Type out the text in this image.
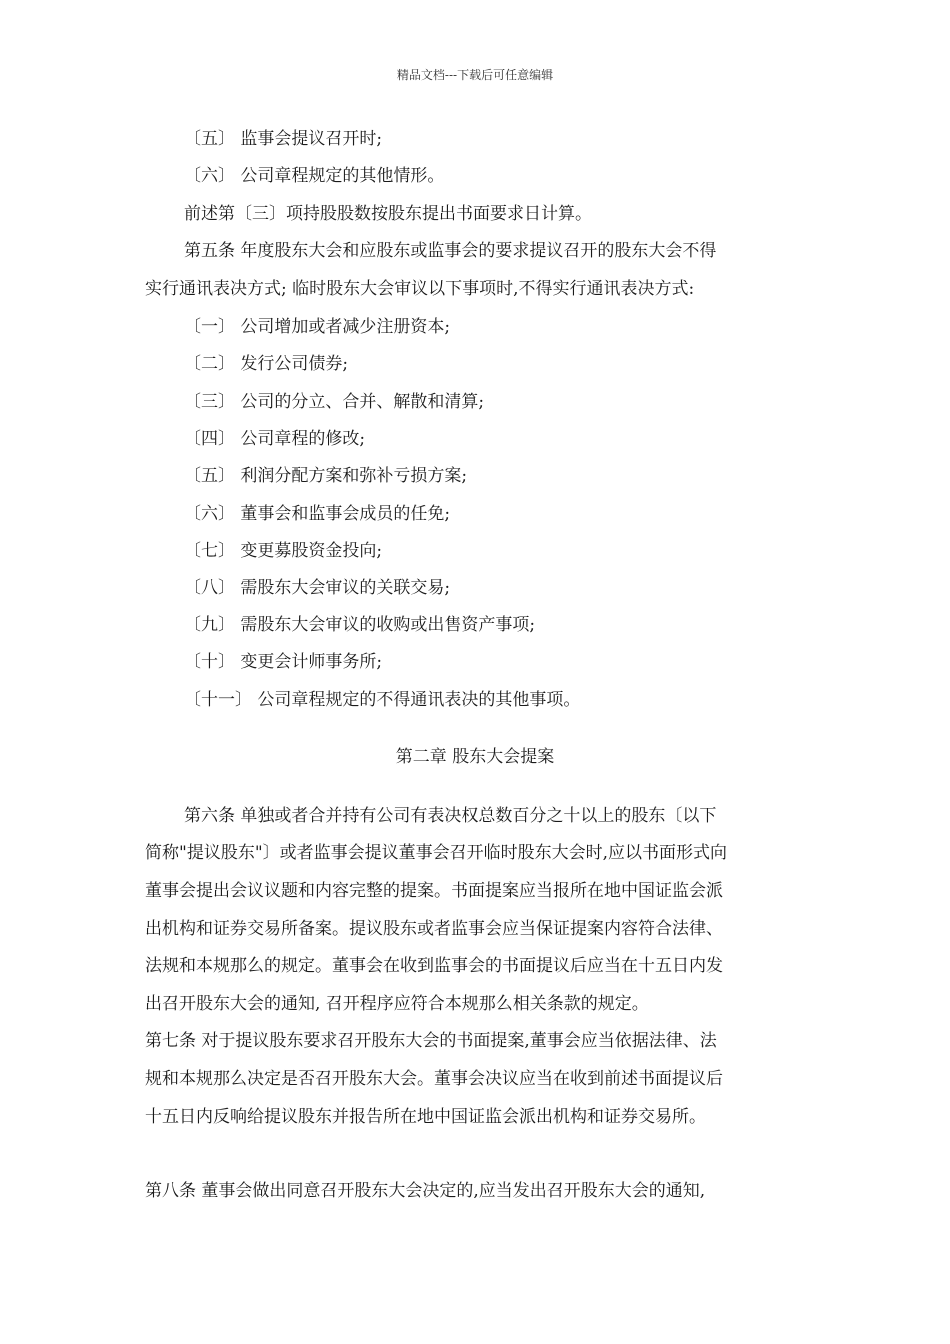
精品文档---下载后可任意编辑
〔五〕 监事会提议召开时;
〔六〕 公司章程规定的其他情形。
前述第〔三〕项持股股数按股东提出书面要求日计算。
第五条 年度股东大会和应股东或监事会的要求提议召开的股东大会不得
实行通讯表决方式; 临时股东大会审议以下事项时,不得实行通讯表决方式:
〔一〕 公司增加或者减少注册资本;
〔二〕 发行公司债券;
〔三〕 公司的分立、合并、解散和清算;
〔四〕 公司章程的修改;
〔五〕 利润分配方案和弥补亏损方案;
〔六〕 董事会和监事会成员的任免;
〔七〕 变更募股资金投向;
〔八〕 需股东大会审议的关联交易;
〔九〕 需股东大会审议的收购或出售资产事项;
〔十〕 变更会计师事务所;
〔十一〕 公司章程规定的不得通讯表决的其他事项。
第二章 股东大会提案
第六条 单独或者合并持有公司有表决权总数百分之十以上的股东〔以下
简称"提议股东"〕或者监事会提议董事会召开临时股东大会时,应以书面形式向
董事会提出会议议题和内容完整的提案。书面提案应当报所在地中国证监会派
出机构和证券交易所备案。提议股东或者监事会应当保证提案内容符合法律、
法规和本规那么的规定。董事会在收到监事会的书面提议后应当在十五日内发
出召开股东大会的通知, 召开程序应符合本规那么相关条款的规定。
第七条 对于提议股东要求召开股东大会的书面提案,董事会应当依据法律、法
规和本规那么决定是否召开股东大会。董事会决议应当在收到前述书面提议后
十五日内反响给提议股东并报告所在地中国证监会派出机构和证券交易所。
第八条 董事会做出同意召开股东大会决定的,应当发出召开股东大会的通知,
